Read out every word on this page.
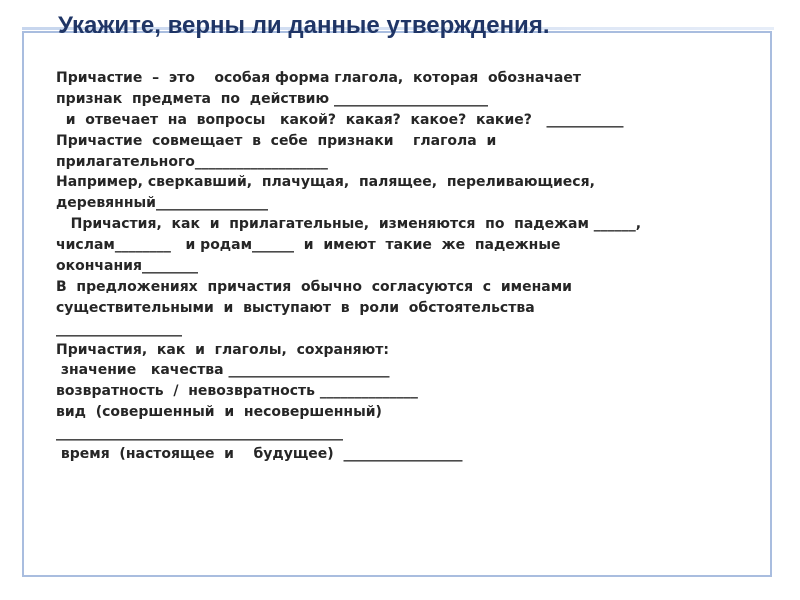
Укажите, верны ли данные утверждения.
Причастие  –  это    особая форма глагола,  которая  обозначает
признак  предмета  по  действию ______________________
и  отвечает  на  вопросы   какой?  какая?  какое?  какие?   ___________
Причастие  совмещает  в  себе  признаки    глагола  и
прилагательного___________________
Например, сверкавший,  плачущая,  палящее,  переливающиеся,
деревянный________________
Причастия,  как  и  прилагательные,  изменяются  по  падежам ______,
числам________   и родам______  и  имеют  такие  же  падежные
окончания________
В  предложениях  причастия  обычно  согласуются  с  именами
существительными  и  выступают  в  роли  обстоятельства
__________________
Причастия,  как  и  глаголы,  сохраняют:
значение   качества _______________________
возвратность  /  невозвратность ______________
вид  (совершенный  и  несовершенный)
_________________________________________
время  (настоящее  и    будущее)  _________________
